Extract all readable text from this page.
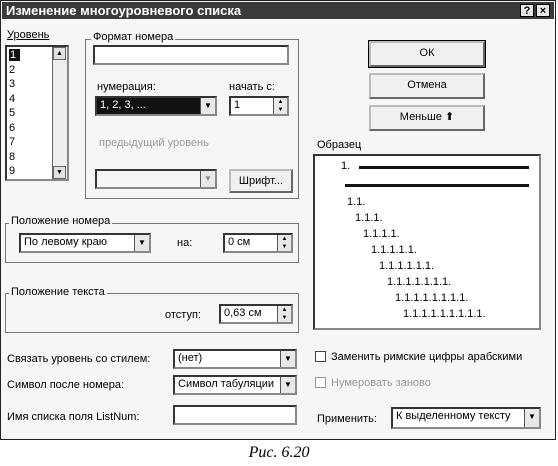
Изменение многоуровневого списка	? ×
Уровень
1
2
3
4
5
6
7
8
9
▲
▼
Формат номера
нумерация:
1, 2, 3, ...	▼
начать с:
1	▲
▼
предыдущий уровень
▼	Шрифт...
ОК
Отмена
Меньше ⬆
Образец
1.
1.1.
1.1.1.
1.1.1.1.
1.1.1.1.1.
1.1.1.1.1.1.
1.1.1.1.1.1.1.
1.1.1.1.1.1.1.1.
1.1.1.1.1.1.1.1.1.
Положение номера
По левому краю	▼	на:	0 см	▲
▼
Положение текста
отступ:	0,63 см	▲
▼
Связать уровень со стилем:	(нет)	▼	Заменить римские цифры арабскими
Символ после номера:	Символ табуляции	▼	Нумеровать заново
Имя списка поля ListNum:	Применить:	К выделенному тексту	▼
Рис. 6.20
